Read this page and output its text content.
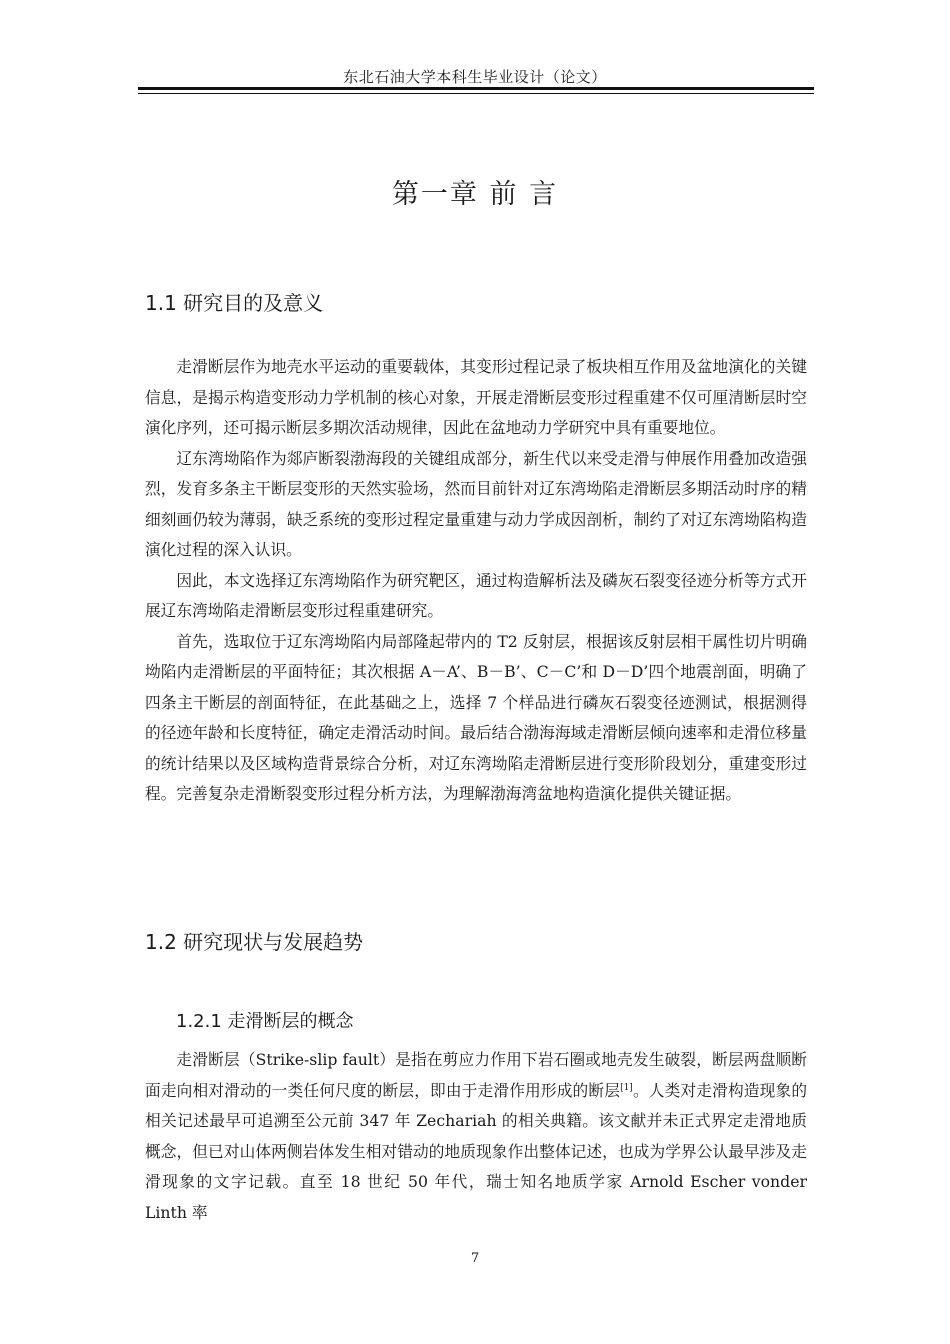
东北石油大学本科生毕业设计（论文）
第一章 前 言
1.1 研究目的及意义

走滑断层作为地壳水平运动的重要载体，其变形过程记录了板块相互作用及盆地演化的关键信息，是揭示构造变形动力学机制的核心对象，开展走滑断层变形过程重建不仅可厘清断层时空演化序列，还可揭示断层多期次活动规律，因此在盆地动力学研究中具有重要地位。

辽东湾坳陷作为郯庐断裂渤海段的关键组成部分，新生代以来受走滑与伸展作用叠加改造强烈，发育多条主干断层变形的天然实验场，然而目前针对辽东湾坳陷走滑断层多期活动时序的精细刻画仍较为薄弱，缺乏系统的变形过程定量重建与动力学成因剖析，制约了对辽东湾坳陷构造演化过程的深入认识。

因此，本文选择辽东湾坳陷作为研究靶区，通过构造解析法及磷灰石裂变径迹分析等方式开展辽东湾坳陷走滑断层变形过程重建研究。

首先，选取位于辽东湾坳陷内局部隆起带内的 T2 反射层，根据该反射层相干属性切片明确坳陷内走滑断层的平面特征；其次根据 A－A’、B－B’、C－C’和 D－D’四个地震剖面，明确了四条主干断层的剖面特征，在此基础之上，选择 7 个样品进行磷灰石裂变径迹测试，根据测得的径迹年龄和长度特征，确定走滑活动时间。最后结合渤海海域走滑断层倾向速率和走滑位移量的统计结果以及区域构造背景综合分析，对辽东湾坳陷走滑断层进行变形阶段划分，重建变形过程。完善复杂走滑断裂变形过程分析方法，为理解渤海湾盆地构造演化提供关键证据。

1.2 研究现状与发展趋势
1.2.1 走滑断层的概念

走滑断层（Strike-slip fault）是指在剪应力作用下岩石圈或地壳发生破裂，断层两盘顺断面走向相对滑动的一类任何尺度的断层，即由于走滑作用形成的断层[1]。人类对走滑构造现象的相关记述最早可追溯至公元前 347 年 Zechariah 的相关典籍。该文献并未正式界定走滑地质概念，但已对山体两侧岩体发生相对错动的地质现象作出整体记述，也成为学界公认最早涉及走滑现象的文字记载。直至 18 世纪 50 年代，瑞士知名地质学家 Arnold Escher vonder Linth 率

7
